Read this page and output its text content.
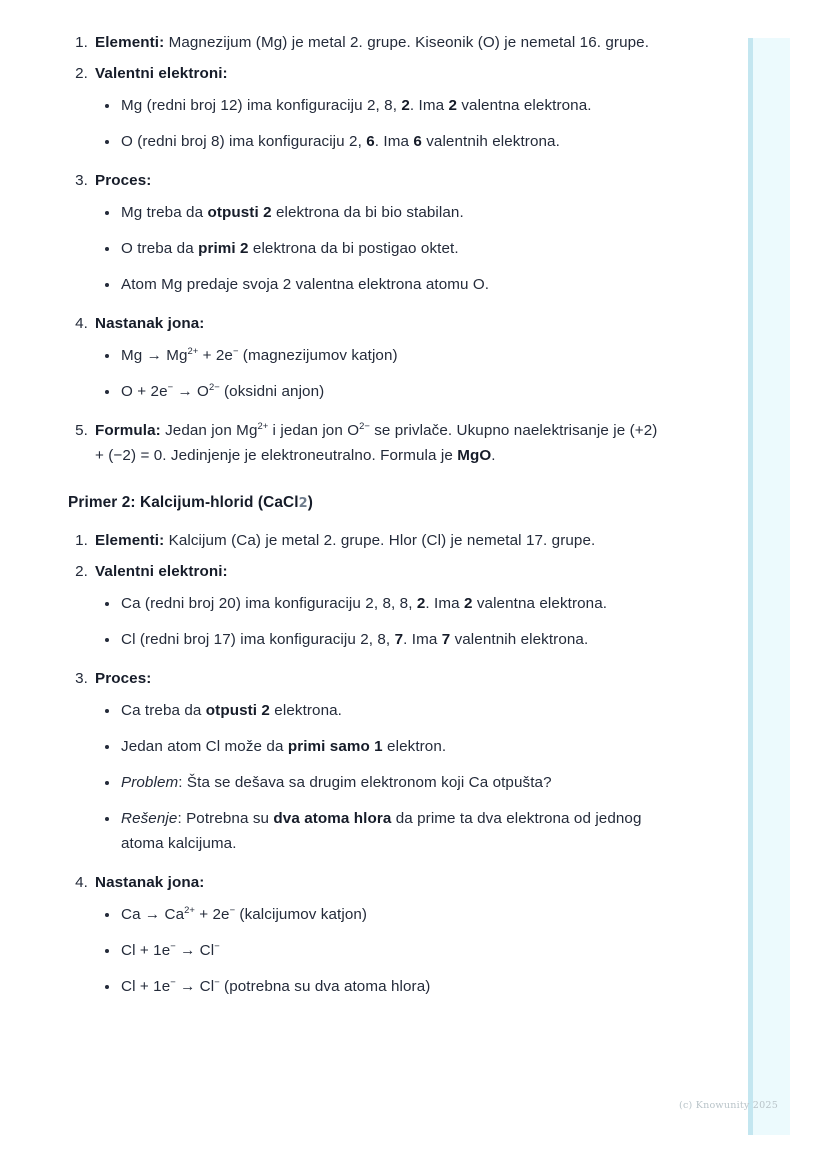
1. Elementi: Magnezijum (Mg) je metal 2. grupe. Kiseonik (O) je nemetal 16. grupe.
2. Valentni elektroni:
Mg (redni broj 12) ima konfiguraciju 2, 8, 2. Ima 2 valentna elektrona.
O (redni broj 8) ima konfiguraciju 2, 6. Ima 6 valentnih elektrona.
3. Proces:
Mg treba da otpusti 2 elektrona da bi bio stabilan.
O treba da primi 2 elektrona da bi postigao oktet.
Atom Mg predaje svoja 2 valentna elektrona atomu O.
4. Nastanak jona:
$Mg \to Mg^{2+} + 2e^-$ (magnezijumov katjon)
$O + 2e^- \to O^{2-}$ (oksidni anjon)
5. Formula: Jedan jon $Mg^{2+}$ i jedan jon $O^{2-}$ se privlače. Ukupno naelektrisanje je (+2) + (−2) = 0. Jedinjenje je elektroneutralno. Formula je MgO.
Primer 2: Kalcijum-hlorid (CaCl2)
1. Elementi: Kalcijum (Ca) je metal 2. grupe. Hlor (Cl) je nemetal 17. grupe.
2. Valentni elektroni:
Ca (redni broj 20) ima konfiguraciju 2, 8, 8, 2. Ima 2 valentna elektrona.
Cl (redni broj 17) ima konfiguraciju 2, 8, 7. Ima 7 valentnih elektrona.
3. Proces:
Ca treba da otpusti 2 elektrona.
Jedan atom Cl može da primi samo 1 elektron.
Problem: Šta se dešava sa drugim elektronom koji Ca otpušta?
Rešenje: Potrebna su dva atoma hlora da prime ta dva elektrona od jednog atoma kalcijuma.
4. Nastanak jona:
$Ca \to Ca^{2+} + 2e^-$ (kalcijumov katjon)
Cl + 1e− → Cl−
Cl + 1e− → Cl− (potrebna su dva atoma hlora)
(c) Knowunity 2025
